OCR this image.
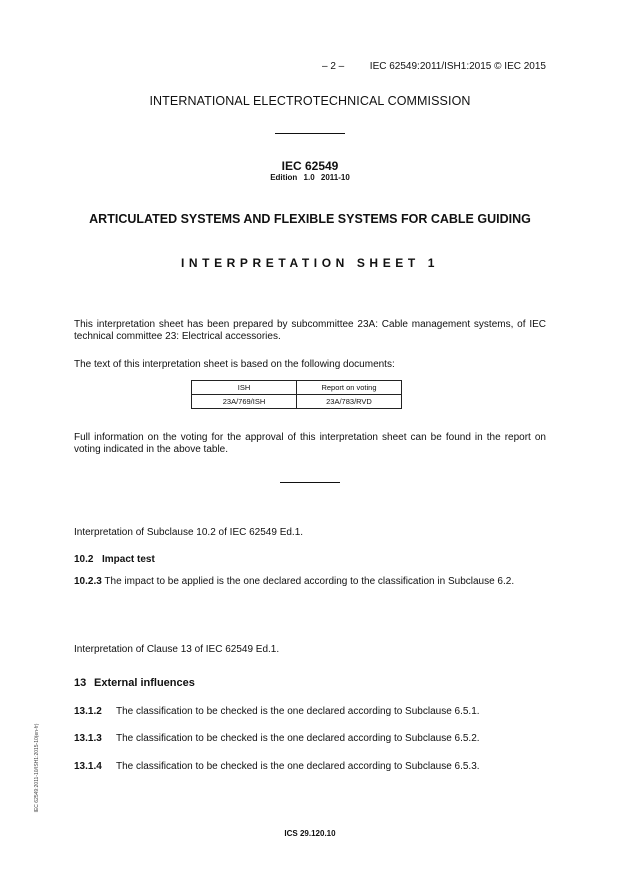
– 2 –	IEC 62549:2011/ISH1:2015 © IEC 2015
INTERNATIONAL ELECTROTECHNICAL COMMISSION
IEC 62549
Edition 1.0 2011-10
ARTICULATED SYSTEMS AND FLEXIBLE SYSTEMS FOR CABLE GUIDING
INTERPRETATION SHEET 1
This interpretation sheet has been prepared by subcommittee 23A: Cable management systems, of IEC technical committee 23: Electrical accessories.
The text of this interpretation sheet is based on the following documents:
ISH	Report on voting
23A/769/ISH	23A/783/RVD
Full information on the voting for the approval of this interpretation sheet can be found in the report on voting indicated in the above table.
Interpretation of Subclause 10.2 of IEC 62549 Ed.1.
10.2 Impact test
10.2.3 The impact to be applied is the one declared according to the classification in Subclause 6.2.
Interpretation of Clause 13 of IEC 62549 Ed.1.
13 External influences
13.1.2 The classification to be checked is the one declared according to Subclause 6.5.1.
13.1.3 The classification to be checked is the one declared according to Subclause 6.5.2.
13.1.4 The classification to be checked is the one declared according to Subclause 6.5.3.
IEC 62549:2011-10/ISH1:2015-10(en-fr)
ICS 29.120.10
